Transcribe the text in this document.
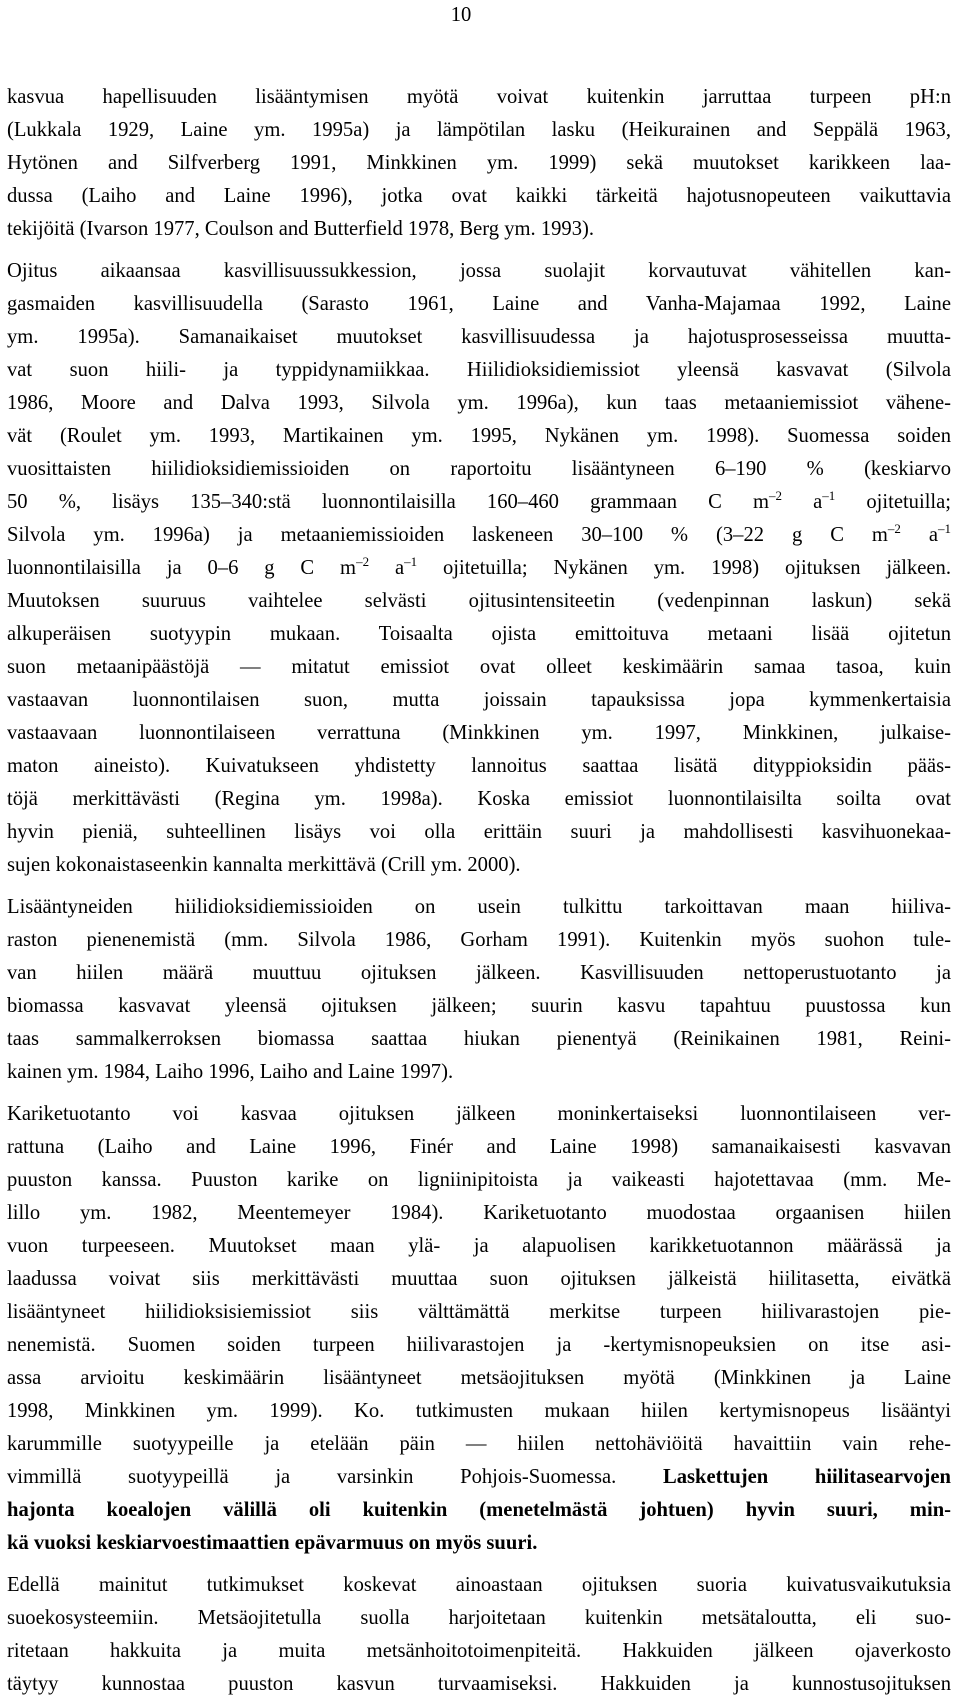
10
kasvua hapellisuuden lisääntymisen myötä voivat kuitenkin jarruttaa turpeen pH:n
(Lukkala 1929, Laine ym. 1995a) ja lämpötilan lasku (Heikurainen and Seppälä 1963,
Hytönen and Silfverberg 1991, Minkkinen ym. 1999) sekä muutokset karikkeen laa-
dussa (Laiho and Laine 1996), jotka ovat kaikki tärkeitä hajotusnopeuteen vaikuttavia
tekijöitä (Ivarson 1977, Coulson and Butterfield 1978, Berg ym. 1993).
Ojitus aikaansaa kasvillisuussukkession, jossa suolajit korvautuvat vähitellen kan-
gasmaiden kasvillisuudella (Sarasto 1961, Laine and Vanha-Majamaa 1992, Laine
ym. 1995a). Samanaikaiset muutokset kasvillisuudessa ja hajotusprosesseissa muutta-
vat suon hiili- ja typpidynamiikkaa. Hiilidioksidiemissiot yleensä kasvavat (Silvola
1986, Moore and Dalva 1993, Silvola ym. 1996a), kun taas metaaniemissiot vähene-
vät (Roulet ym. 1993, Martikainen ym. 1995, Nykänen ym. 1998). Suomessa soiden
vuosittaisten hiilidioksidiemissioiden on raportoitu lisääntyneen 6–190 % (keskiarvo
50 %, lisäys 135–340:stä luonnontilaisilla 160–460 grammaan C $m^{-2}$ $a^{-1}$ ojitetuilla;
Silvola ym. 1996a) ja metaaniemissioiden laskeneen 30–100 % (3–22 g C $m^{-2}$ $a^{-1}$
luonnontilaisilla ja 0–6 g C $m^{-2}$ $a^{-1}$ ojitetuilla; Nykänen ym. 1998) ojituksen jälkeen.
Muutoksen suuruus vaihtelee selvästi ojitusintensiteetin (vedenpinnan laskun) sekä
alkuperäisen suotyypin mukaan. Toisaalta ojista emittoituva metaani lisää ojitetun
suon metaanipäästöjä — mitatut emissiot ovat olleet keskimäärin samaa tasoa, kuin
vastaavan luonnontilaisen suon, mutta joissain tapauksissa jopa kymmenkertaisia
vastaavaan luonnontilaiseen verrattuna (Minkkinen ym. 1997, Minkkinen, julkaise-
maton aineisto). Kuivatukseen yhdistetty lannoitus saattaa lisätä dityppioksidin pääs-
töjä merkittävästi (Regina ym. 1998a). Koska emissiot luonnontilaisilta soilta ovat
hyvin pieniä, suhteellinen lisäys voi olla erittäin suuri ja mahdollisesti kasvihuonekaa-
sujen kokonaistaseenkin kannalta merkittävä (Crill ym. 2000).
Lisääntyneiden hiilidioksidiemissioiden on usein tulkittu tarkoittavan maan hiiliva-
raston pienenemistä (mm. Silvola 1986, Gorham 1991). Kuitenkin myös suohon tule-
van hiilen määrä muuttuu ojituksen jälkeen. Kasvillisuuden nettoperustuotanto ja
biomassa kasvavat yleensä ojituksen jälkeen; suurin kasvu tapahtuu puustossa kun
taas sammalkerroksen biomassa saattaa hiukan pienentyä (Reinikainen 1981, Reini-
kainen ym. 1984, Laiho 1996, Laiho and Laine 1997).
Kariketuotanto voi kasvaa ojituksen jälkeen moninkertaiseksi luonnontilaiseen ver-
rattuna (Laiho and Laine 1996, Finér and Laine 1998) samanaikaisesti kasvavan
puuston kanssa. Puuston karike on ligniinipitoista ja vaikeasti hajotettavaa (mm. Me-
lillo ym. 1982, Meentemeyer 1984). Kariketuotanto muodostaa orgaanisen hiilen
vuon turpeeseen. Muutokset maan ylä- ja alapuolisen karikketuotannon määrässä ja
laadussa voivat siis merkittävästi muuttaa suon ojituksen jälkeistä hiilitasetta, eivätkä
lisääntyneet hiilidioksisiemissiot siis välttämättä merkitse turpeen hiilivarastojen pie-
nenemistä. Suomen soiden turpeen hiilivarastojen ja -kertymisnopeuksien on itse asi-
assa arvioitu keskimäärin lisääntyneet metsäojituksen myötä (Minkkinen ja Laine
1998, Minkkinen ym. 1999). Ko. tutkimusten mukaan hiilen kertymisnopeus lisääntyi
karummille suotyypeille ja etelään päin — hiilen nettohäviöitä havaittiin vain rehe-
vimmillä suotyypeillä ja varsinkin Pohjois-Suomessa. Laskettujen hiilitasearvojen
hajonta koealojen välillä oli kuitenkin (menetelmästä johtuen) hyvin suuri, min-
kä vuoksi keskiarvoestimaattien epävarmuus on myös suuri.
Edellä mainitut tutkimukset koskevat ainoastaan ojituksen suoria kuivatusvaikutuksia
suoekosysteemiin. Metsäojitetulla suolla harjoitetaan kuitenkin metsätaloutta, eli suo-
ritetaan hakkuita ja muita metsänhoitotoimenpiteitä. Hakkuiden jälkeen ojaverkosto
täytyy kunnostaa puuston kasvun turvaamiseksi. Hakkuiden ja kunnostusojituksen
